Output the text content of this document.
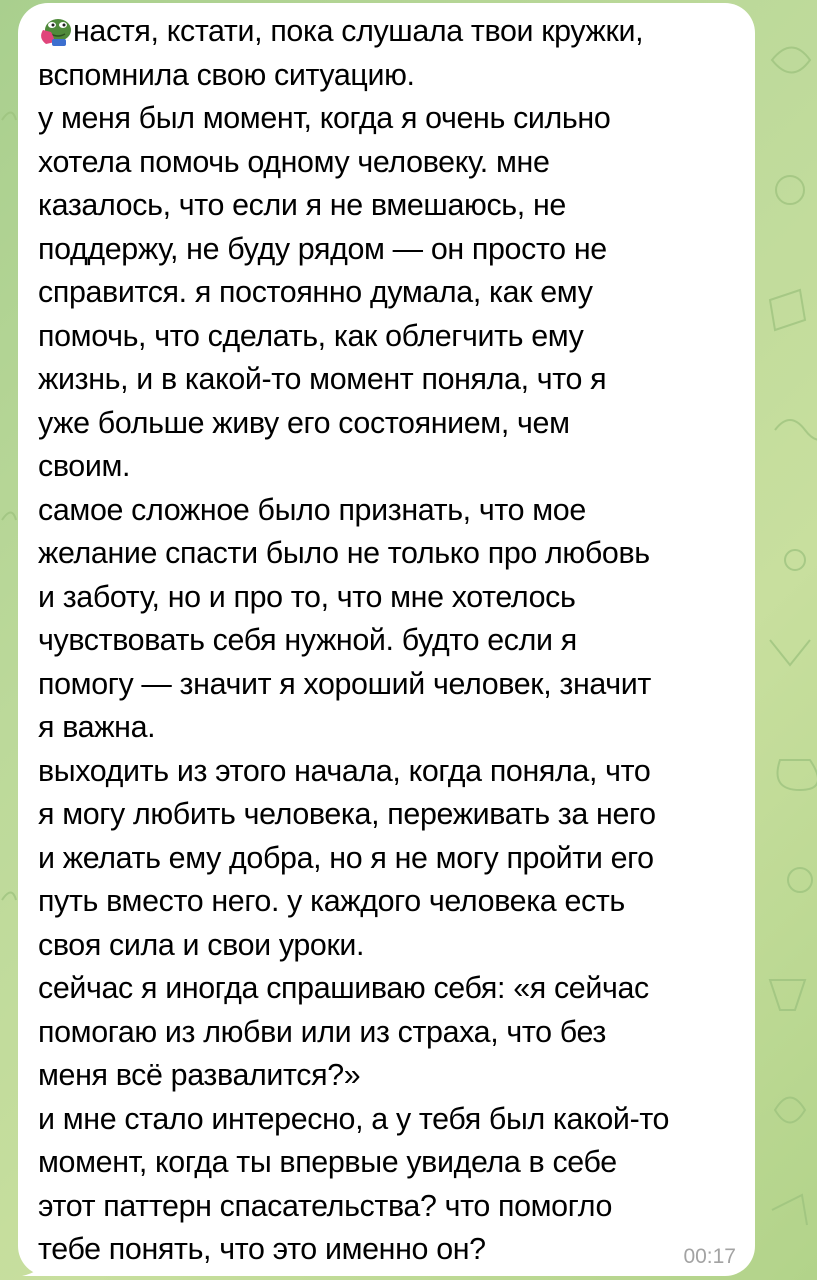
настя, кстати, пока слушала твои кружки,
вспомнила свою ситуацию.
у меня был момент, когда я очень сильно
хотела помочь одному человеку. мне
казалось, что если я не вмешаюсь, не
поддержу, не буду рядом — он просто не
справится. я постоянно думала, как ему
помочь, что сделать, как облегчить ему
жизнь, и в какой-то момент поняла, что я
уже больше живу его состоянием, чем
своим.
самое сложное было признать, что мое
желание спасти было не только про любовь
и заботу, но и про то, что мне хотелось
чувствовать себя нужной. будто если я
помогу — значит я хороший человек, значит
я важна.
выходить из этого начала, когда поняла, что
я могу любить человека, переживать за него
и желать ему добра, но я не могу пройти его
путь вместо него. у каждого человека есть
своя сила и свои уроки.
сейчас я иногда спрашиваю себя: «я сейчас
помогаю из любви или из страха, что без
меня всё развалится?»
и мне стало интересно, а у тебя был какой-то
момент, когда ты впервые увидела в себе
этот паттерн спасательства? что помогло
тебе понять, что это именно он?	00:17
